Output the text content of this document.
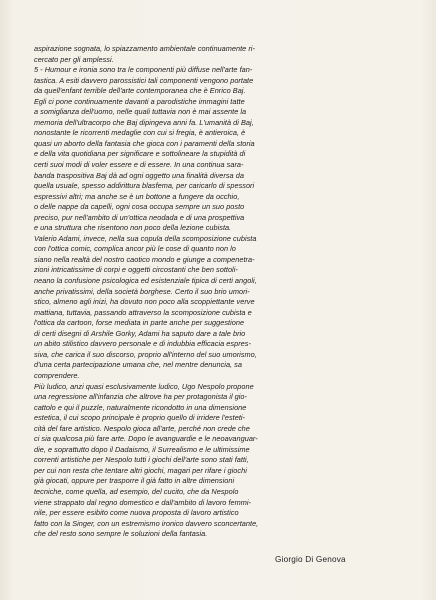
aspirazione sognata, lo spiazzamento ambientale continuamente ri-
cercato per gli amplessi.
5 - Humour e ironia sono tra le componenti più diffuse nell'arte fan-
tastica. A esiti davvero parossistici tali componenti vengono portate
da quell'enfant terrible dell'arte contemporanea che è Enrico Baj.
Egli ci pone continuamente davanti a parodistiche immagini tatte
a somiglianza dell'uomo, nelle quali tuttavia non è mai assente la
memoria dell'ultracorpo che Baj dipingeva anni fa. L'umanità di Baj,
nonostante le ricorrenti medaglie con cui si fregia, è antieroica, è
quasi un aborto della fantasia che gioca con i paramenti della storia
e della vita quotidiana per significare e sottolineare la stupidità di
certi suoi modi di voler essere e di essere. In una continua sara-
banda traspositiva Baj dà ad ogni oggetto una finalità diversa da
quella usuale, spesso addirittura blasfema, per caricarlo di spessori
espressivi altri; ma anche se è un bottone a fungere da occhio,
o delle nappe da capelli, ogni cosa occupa sempre un suo posto
preciso, pur nell'ambito di un'ottica neodada e di una prospettiva
e una struttura che risentono non poco della lezione cubista.
Valerio Adami, invece, nella sua copula della scomposizione cubista
con l'ottica comic, complica ancor più le cose di quanto non lo
siano nella realtà del nostro caotico mondo e giunge a compenetra-
zioni intricatissime di corpi e oggetti circostanti che ben sottoli-
neano la confusione psicologica ed esistenziale tipica di certi angoli,
anche privatissimi, della società borghese. Certo il suo brio umori-
stico, almeno agli inizi, ha dovuto non poco alla scoppiettante verve
mattiana, tuttavia, passando attraverso la scomposizione cubista e
l'ottica da cartoon, forse mediata in parte anche per suggestione
di certi disegni di Arshile Gorky, Adami ha saputo dare a tale brio
un abito stilistico davvero personale e di indubbia efficacia espres-
siva, che carica il suo discorso, proprio all'interno del suo umorismo,
d'una certa partecipazione umana che, nel mentre denuncia, sa
comprendere.
Più ludico, anzi quasi esclusivamente ludico, Ugo Nespolo propone
una regressione all'infanzia che altrove ha per protagonista il gio-
cattolo e qui il puzzle, naturalmente ricondotto in una dimensione
estetica, il cui scopo principale è proprio quello di irridere l'esteti-
cità del fare artistico. Nespolo gioca all'arte, perché non crede che
ci sia qualcosa più fare arte. Dopo le avanguardie e le neoavanguar-
die, e soprattutto dopo il Dadaismo, il Surrealismo e le ultimissime
correnti artistiche per Nespolo tutti i giochi dell'arte sono stati fatti,
per cui non resta che tentare altri giochi, magari per rifare i giochi
già giocati, oppure per trasporre il già fatto in altre dimensioni
tecniche, come quella, ad esempio, del cucito, che da Nespolo
viene strappato dal regno domestico e dall'ambito di lavoro femmi-
nile, per essere esibito come nuova proposta di lavoro artistico
fatto con la Singer, con un estremismo ironico davvero sconcertante,
che del resto sono sempre le soluzioni della fantasia.
Giorgio Di Genova
